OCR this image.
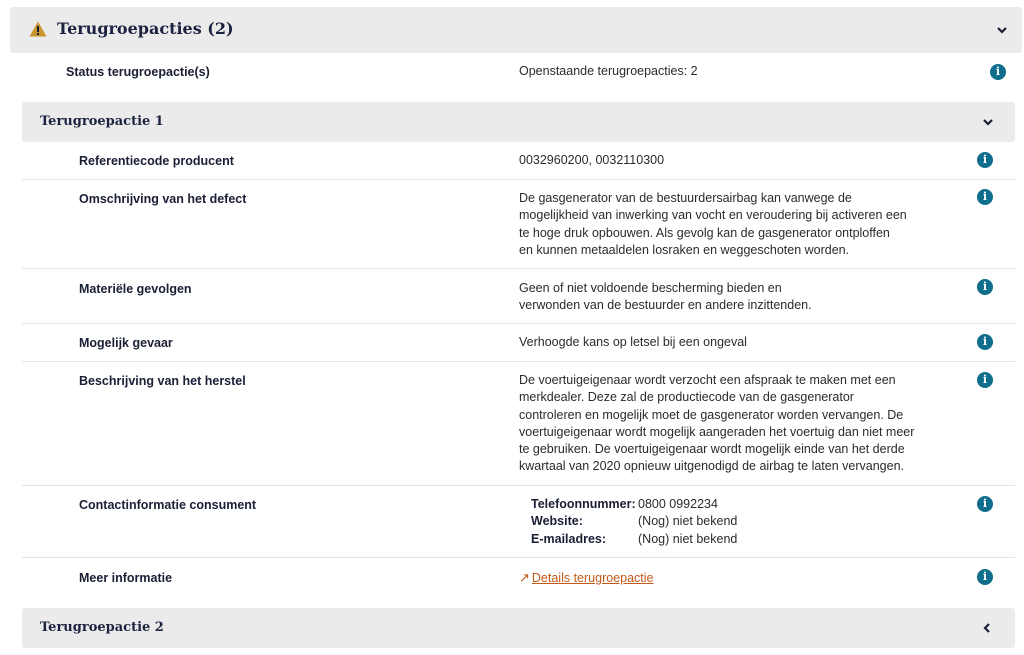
Terugroepacties (2)
Status terugroepactie(s)	Openstaande terugroepacties: 2	i
Terugroepactie 1
Referentiecode producent	0032960200, 0032110300	i
Omschrijving van het defect	De gasgenerator van de bestuurdersairbag kan vanwege de
mogelijkheid van inwerking van vocht en veroudering bij activeren een
te hoge druk opbouwen. Als gevolg kan de gasgenerator ontploffen
en kunnen metaaldelen losraken en weggeschoten worden.
i
Materiële gevolgen	Geen of niet voldoende bescherming bieden en
verwonden van de bestuurder en andere inzittenden.
i
Mogelijk gevaar	Verhoogde kans op letsel bij een ongeval	i
Beschrijving van het herstel	De voertuigeigenaar wordt verzocht een afspraak te maken met een
merkdealer. Deze zal de productiecode van de gasgenerator
controleren en mogelijk moet de gasgenerator worden vervangen. De
voertuigeigenaar wordt mogelijk aangeraden het voertuig dan niet meer
te gebruiken. De voertuigeigenaar wordt mogelijk einde van het derde
kwartaal van 2020 opnieuw uitgenodigd de airbag te laten vervangen.
i
Contactinformatie consument	Telefoonnummer: 0800 0992234
Website:	(Nog) niet bekend
E-mailadres:	(Nog) niet bekend
i
Meer informatie	↗ Details terugroepactie	i
Terugroepactie 2
